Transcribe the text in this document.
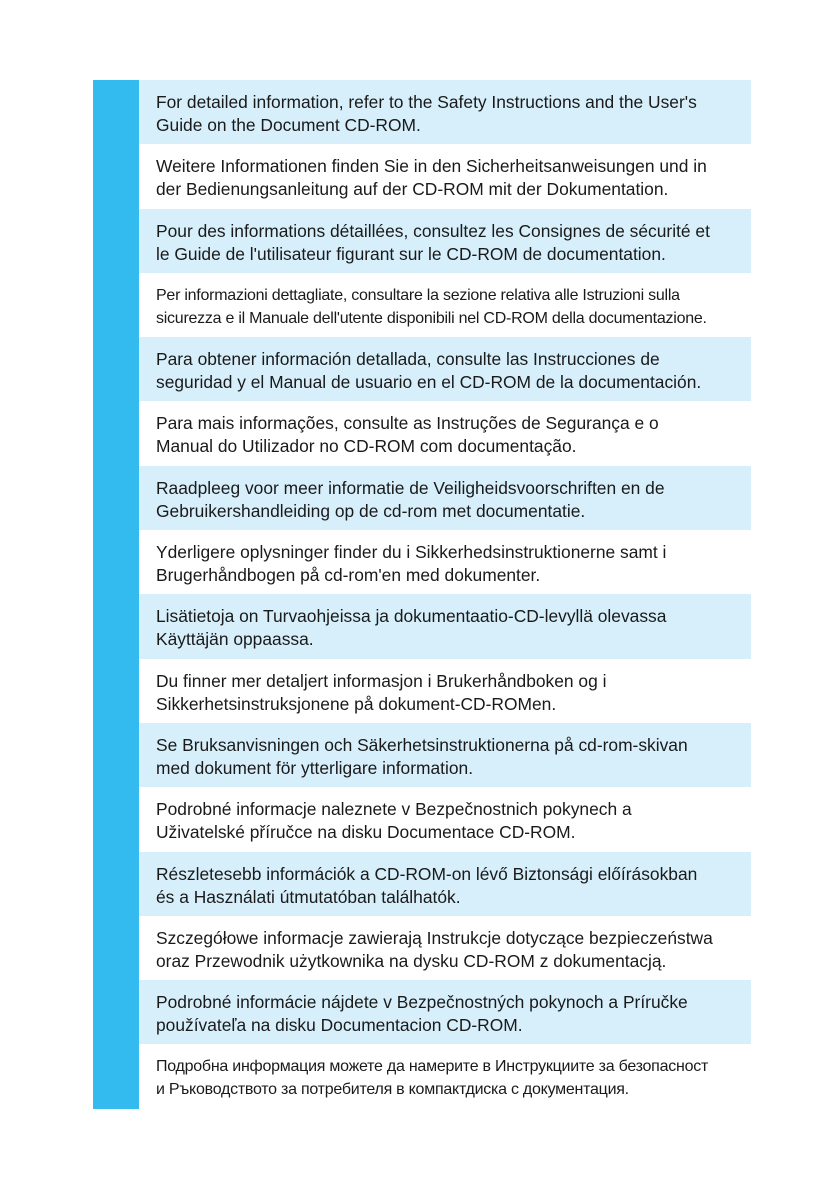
For detailed information, refer to the Safety Instructions and the User's
Guide on the Document CD-ROM.
Weitere Informationen finden Sie in den Sicherheitsanweisungen und in
der Bedienungsanleitung auf der CD-ROM mit der Dokumentation.
Pour des informations détaillées, consultez les Consignes de sécurité et
le Guide de l'utilisateur figurant sur le CD-ROM de documentation.
Per informazioni dettagliate, consultare la sezione relativa alle Istruzioni sulla
sicurezza e il Manuale dell'utente disponibili nel CD-ROM della documentazione.
Para obtener información detallada, consulte las Instrucciones de
seguridad y el Manual de usuario en el CD-ROM de la documentación.
Para mais informações, consulte as Instruções de Segurança e o
Manual do Utilizador no CD-ROM com documentação.
Raadpleeg voor meer informatie de Veiligheidsvoorschriften en de
Gebruikershandleiding op de cd-rom met documentatie.
Yderligere oplysninger finder du i Sikkerhedsinstruktionerne samt i
Brugerhåndbogen på cd-rom'en med dokumenter.
Lisätietoja on Turvaohjeissa ja dokumentaatio-CD-levyllä olevassa
Käyttäjän oppaassa.
Du finner mer detaljert informasjon i Brukerhåndboken og i
Sikkerhetsinstruksjonene på dokument-CD-ROMen.
Se Bruksanvisningen och Säkerhetsinstruktionerna på cd-rom-skivan
med dokument för ytterligare information.
Podrobné informacje naleznete v Bezpečnostnich pokynech a
Uživatelské příručce na disku Documentace CD-ROM.
Részletesebb információk a CD-ROM-on lévő Biztonsági előírásokban
és a Használati útmutatóban találhatók.
Szczegółowe informacje zawierają Instrukcje dotyczące bezpieczeństwa
oraz Przewodnik użytkownika na dysku CD-ROM z dokumentacją.
Podrobné informácie nájdete v Bezpečnostných pokynoch a Príručke
používateľa na disku Documentacion CD-ROM.
Подробна информация можете да намерите в Инструкциите за безопасност
и Ръководството за потребителя в компактдиска с документация.
